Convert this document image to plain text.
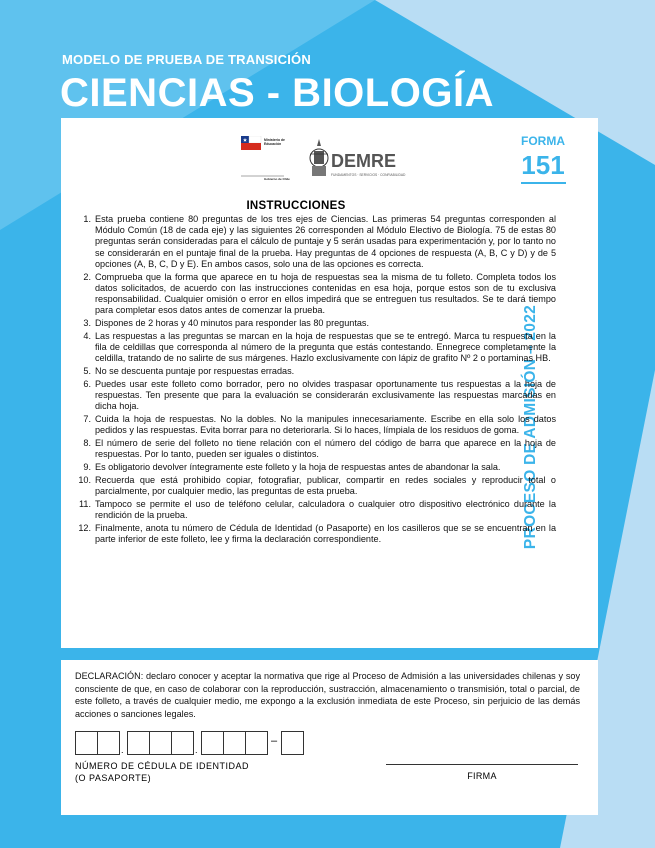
MODELO DE PRUEBA DE TRANSICIÓN
CIENCIAS - BIOLOGÍA
Ministerio de
Educación
Gobierno de Chile
DEMRE
FUNDAMENTOS · SERVICIOS · CONFIABILIDAD
FORMA
151
PROCESO DE ADMISIÓN – 2022
INSTRUCCIONES
1. Esta prueba contiene 80 preguntas de los tres ejes de Ciencias. Las primeras 54 preguntas corresponden al Módulo Común (18 de cada eje) y las siguientes 26 corresponden al Módulo Electivo de Biología. 75 de estas 80 preguntas serán consideradas para el cálculo de puntaje y 5 serán usadas para experimentación y, por lo tanto no se considerarán en el puntaje final de la prueba. Hay preguntas de 4 opciones de respuesta (A, B, C y D) y de 5 opciones (A, B, C, D y E). En ambos casos, solo una de las opciones es correcta.
2. Comprueba que la forma que aparece en tu hoja de respuestas sea la misma de tu folleto. Completa todos los datos solicitados, de acuerdo con las instrucciones contenidas en esa hoja, porque estos son de tu exclusiva responsabilidad. Cualquier omisión o error en ellos impedirá que se entreguen tus resultados. Se te dará tiempo para completar esos datos antes de comenzar la prueba.
3. Dispones de 2 horas y 40 minutos para responder las 80 preguntas.
4. Las respuestas a las preguntas se marcan en la hoja de respuestas que se te entregó. Marca tu respuesta en la fila de celdillas que corresponda al número de la pregunta que estás contestando. Ennegrece completamente la celdilla, tratando de no salirte de sus márgenes. Hazlo exclusivamente con lápiz de grafito Nº 2 o portaminas HB.
5. No se descuenta puntaje por respuestas erradas.
6. Puedes usar este folleto como borrador, pero no olvides traspasar oportunamente tus respuestas a la hoja de respuestas. Ten presente que para la evaluación se considerarán exclusivamente las respuestas marcadas en dicha hoja.
7. Cuida la hoja de respuestas. No la dobles. No la manipules innecesariamente. Escribe en ella solo los datos pedidos y las respuestas. Evita borrar para no deteriorarla. Si lo haces, límpiala de los residuos de goma.
8. El número de serie del folleto no tiene relación con el número del código de barra que aparece en la hoja de respuestas. Por lo tanto, pueden ser iguales o distintos.
9. Es obligatorio devolver íntegramente este folleto y la hoja de respuestas antes de abandonar la sala.
10. Recuerda que está prohibido copiar, fotografiar, publicar, compartir en redes sociales y reproducir total o parcialmente, por cualquier medio, las preguntas de esta prueba.
11. Tampoco se permite el uso de teléfono celular, calculadora o cualquier otro dispositivo electrónico durante la rendición de la prueba.
12. Finalmente, anota tu número de Cédula de Identidad (o Pasaporte) en los casilleros que se se encuentran en la parte inferior de este folleto, lee y firma la declaración correspondiente.
DECLARACIÓN: declaro conocer y aceptar la normativa que rige al Proceso de Admisión a las universidades chilenas y soy consciente de que, en caso de colaborar con la reproducción, sustracción, almacenamiento o transmisión, total o parcial, de este folleto, a través de cualquier medio, me expongo a la exclusión inmediata de este Proceso, sin perjuicio de las demás acciones o sanciones legales.
.	.
–
NÚMERO DE CÉDULA DE IDENTIDAD
(O PASAPORTE)	FIRMA
